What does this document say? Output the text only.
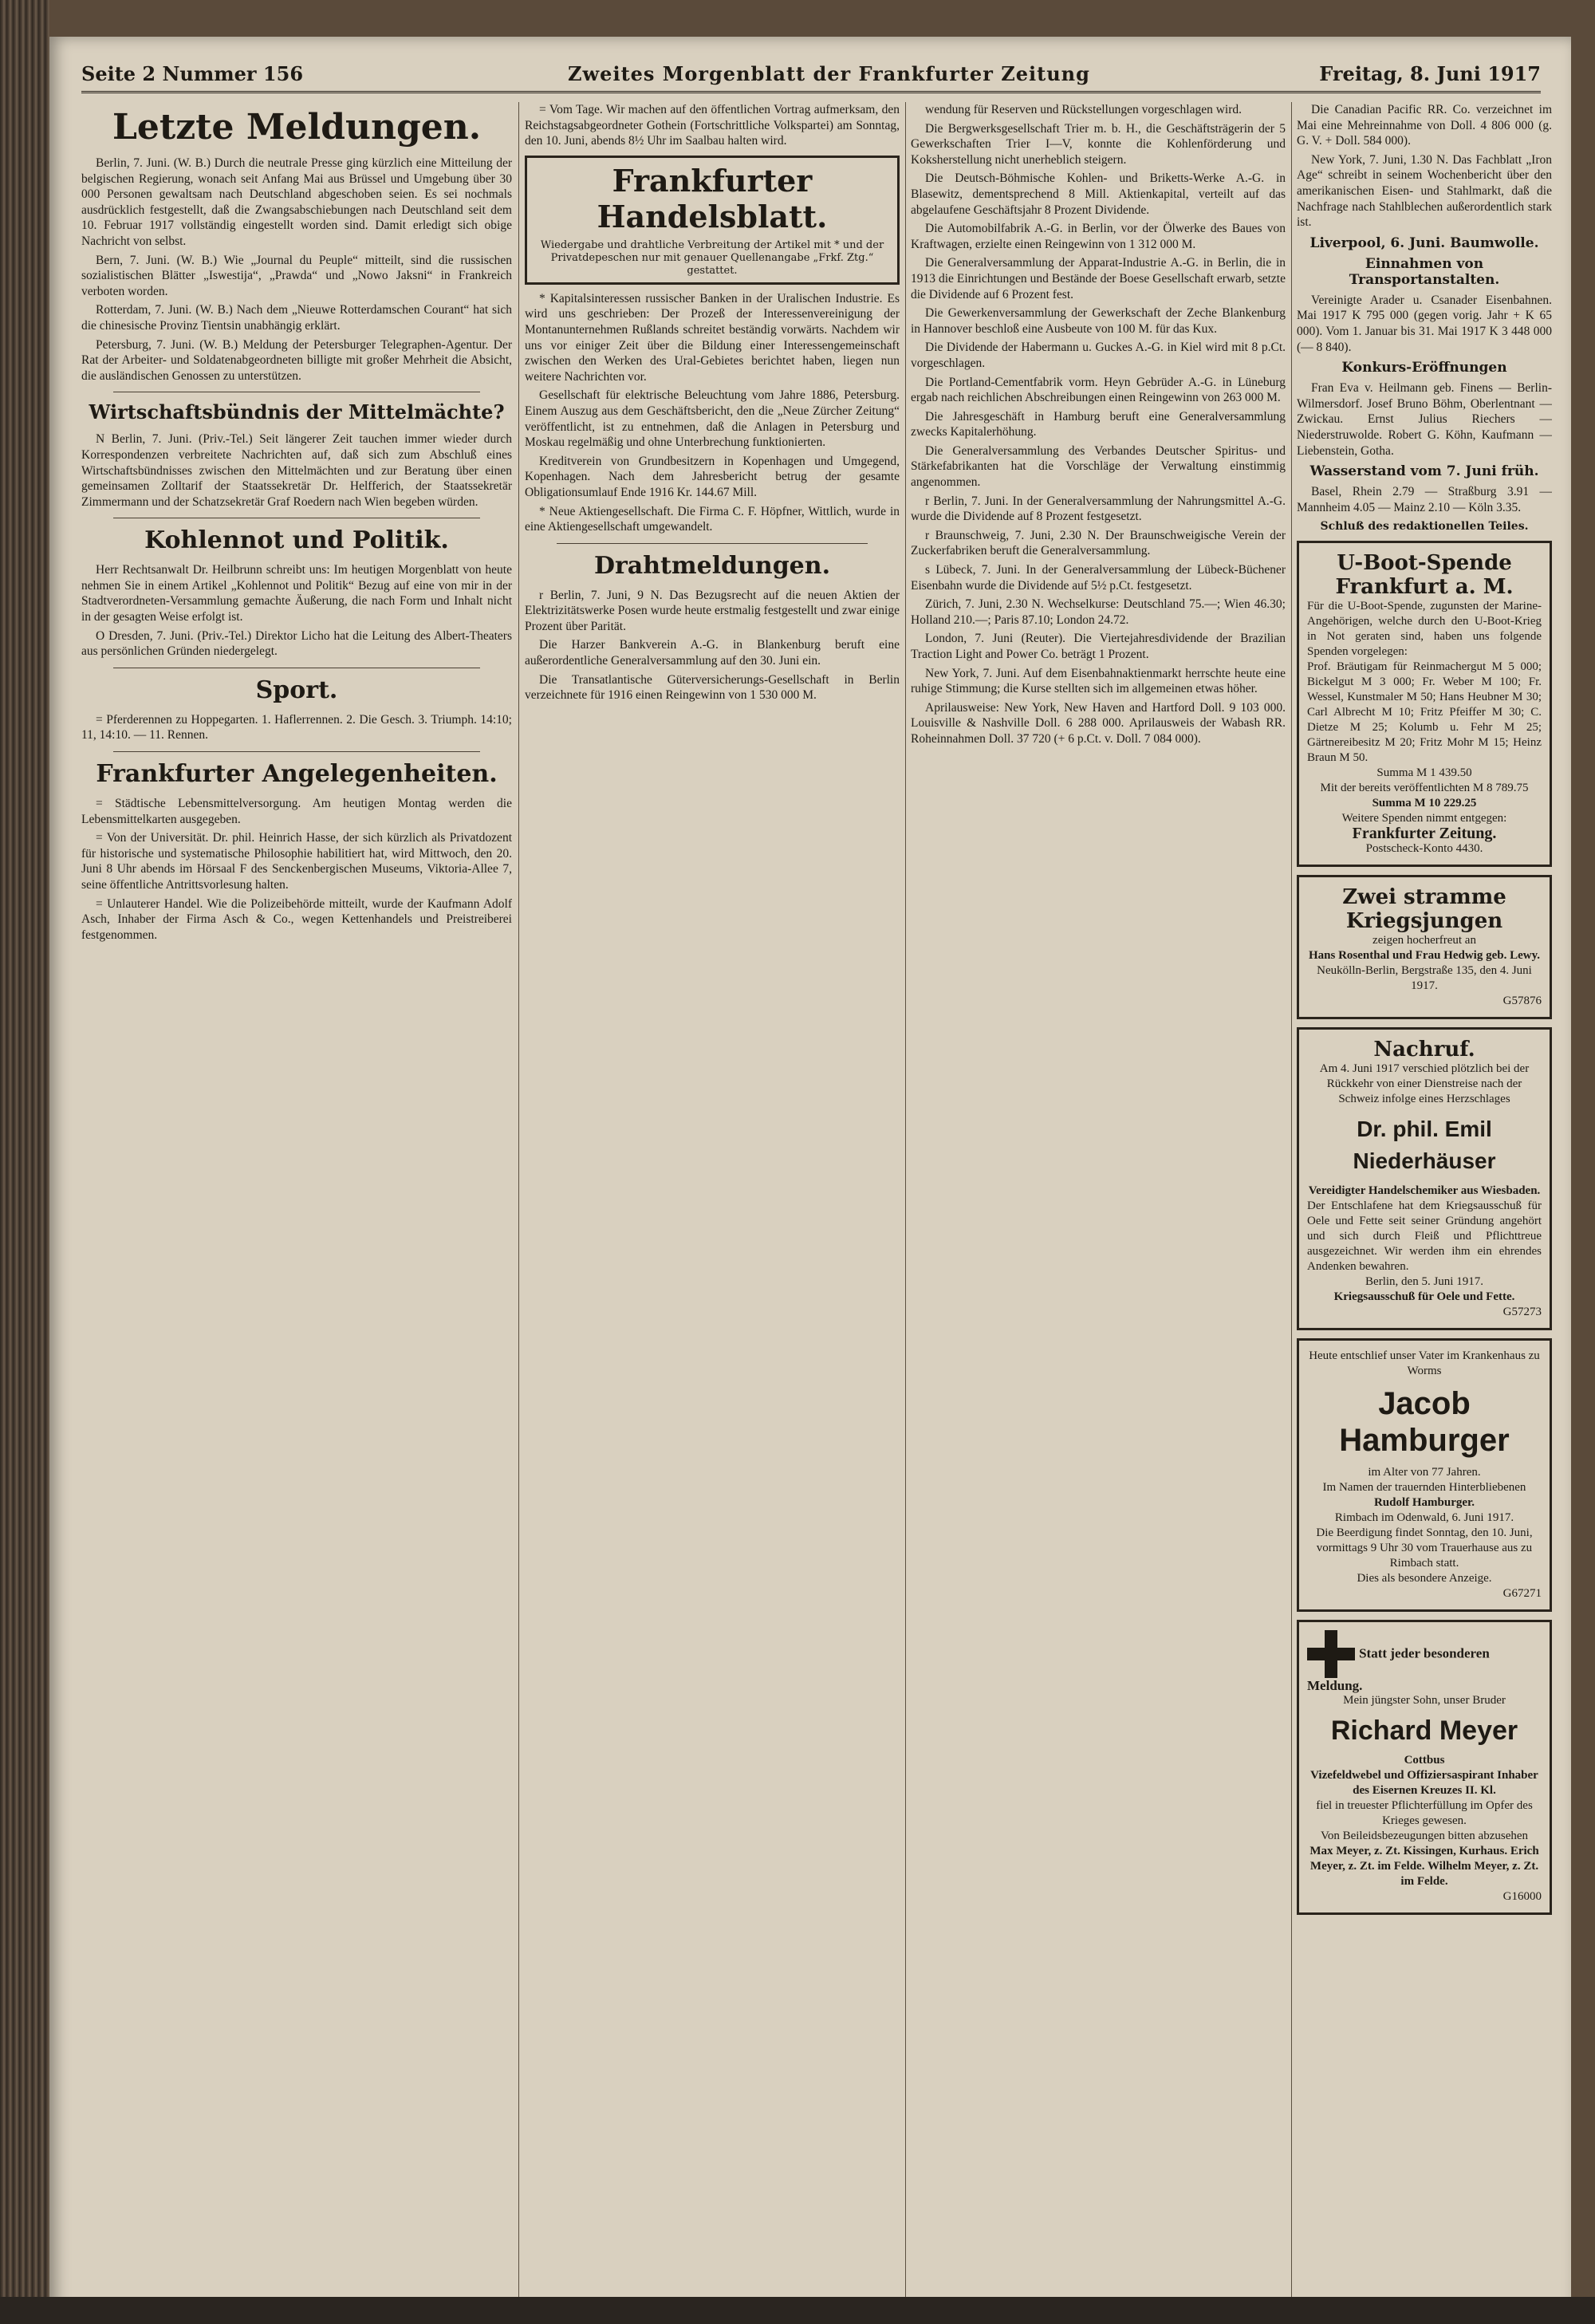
Seite 2 Nummer 156	Zweites Morgenblatt der Frankfurter Zeitung	Freitag, 8. Juni 1917
Letzte Meldungen.

Berlin, 7. Juni. (W. B.) Durch die neutrale Presse ging kürzlich eine Mitteilung der belgischen Regierung, wonach seit Anfang Mai aus Brüssel und Umgebung über 30 000 Personen gewaltsam nach Deutschland abgeschoben seien. Es sei nochmals ausdrücklich festgestellt, daß die Zwangsabschiebungen nach Deutschland seit dem 10. Februar 1917 vollständig eingestellt worden sind. Damit erledigt sich obige Nachricht von selbst.

Bern, 7. Juni. (W. B.) Wie „Journal du Peuple“ mitteilt, sind die russischen sozialistischen Blätter „Iswestija“, „Prawda“ und „Nowo Jaksni“ in Frankreich verboten worden.

Rotterdam, 7. Juni. (W. B.) Nach dem „Nieuwe Rotterdamschen Courant“ hat sich die chinesische Provinz Tientsin unabhängig erklärt.

Petersburg, 7. Juni. (W. B.) Meldung der Petersburger Telegraphen-Agentur. Der Rat der Arbeiter- und Soldatenabgeordneten billigte mit großer Mehrheit die Absicht, die ausländischen Genossen zu unterstützen.

Wirtschaftsbündnis der Mittelmächte?

N Berlin, 7. Juni. (Priv.-Tel.) Seit längerer Zeit tauchen immer wieder durch Korrespondenzen verbreitete Nachrichten auf, daß sich zum Abschluß eines Wirtschaftsbündnisses zwischen den Mittelmächten und zur Beratung über einen gemeinsamen Zolltarif der Staatssekretär Dr. Helfferich, der Staatssekretär Zimmermann und der Schatzsekretär Graf Roedern nach Wien begeben würden.

Kohlennot und Politik.

Herr Rechtsanwalt Dr. Heilbrunn schreibt uns: Im heutigen Morgenblatt von heute nehmen Sie in einem Artikel „Kohlennot und Politik“ Bezug auf eine von mir in der Stadtverordneten-Versammlung gemachte Äußerung, die nach Form und Inhalt nicht in der gesagten Weise erfolgt ist.

O Dresden, 7. Juni. (Priv.-Tel.) Direktor Licho hat die Leitung des Albert-Theaters aus persönlichen Gründen niedergelegt.

Sport.

= Pferderennen zu Hoppegarten. 1. Haflerrennen. 2. Die Gesch. 3. Triumph. 14:10; 11, 14:10. — 11. Rennen.

Frankfurter Angelegenheiten.

= Städtische Lebensmittelversorgung. Am heutigen Montag werden die Lebensmittelkarten ausgegeben.

= Von der Universität. Dr. phil. Heinrich Hasse, der sich kürzlich als Privatdozent für historische und systematische Philosophie habilitiert hat, wird Mittwoch, den 20. Juni 8 Uhr abends im Hörsaal F des Senckenbergischen Museums, Viktoria-Allee 7, seine öffentliche Antrittsvorlesung halten.

= Unlauterer Handel. Wie die Polizeibehörde mitteilt, wurde der Kaufmann Adolf Asch, Inhaber der Firma Asch & Co., wegen Kettenhandels und Preistreiberei festgenommen.

= Vom Tage. Wir machen auf den öffentlichen Vortrag aufmerksam, den Reichstagsabgeordneter Gothein (Fortschrittliche Volkspartei) am Sonntag, den 10. Juni, abends 8½ Uhr im Saalbau halten wird.

Frankfurter Handelsblatt.
Wiedergabe und drahtliche Verbreitung der Artikel mit * und der Privatdepeschen nur mit genauer Quellenangabe „Frkf. Ztg.“ gestattet.

* Kapitalsinteressen russischer Banken in der Uralischen Industrie. Es wird uns geschrieben: Der Prozeß der Interessenvereinigung der Montanunternehmen Rußlands schreitet beständig vorwärts. Nachdem wir uns vor einiger Zeit über die Bildung einer Interessengemeinschaft zwischen den Werken des Ural-Gebietes berichtet haben, liegen nun weitere Nachrichten vor.

Gesellschaft für elektrische Beleuchtung vom Jahre 1886, Petersburg. Einem Auszug aus dem Geschäftsbericht, den die „Neue Zürcher Zeitung“ veröffentlicht, ist zu entnehmen, daß die Anlagen in Petersburg und Moskau regelmäßig und ohne Unterbrechung funktionierten.

Kreditverein von Grundbesitzern in Kopenhagen und Umgegend, Kopenhagen. Nach dem Jahresbericht betrug der gesamte Obligationsumlauf Ende 1916 Kr. 144.67 Mill.

* Neue Aktiengesellschaft. Die Firma C. F. Höpfner, Wittlich, wurde in eine Aktiengesellschaft umgewandelt.

Drahtmeldungen.

r Berlin, 7. Juni, 9 N. Das Bezugsrecht auf die neuen Aktien der Elektrizitätswerke Posen wurde heute erstmalig festgestellt und zwar einige Prozent über Parität.

Die Harzer Bankverein A.-G. in Blankenburg beruft eine außerordentliche Generalversammlung auf den 30. Juni ein.

Die Transatlantische Güterversicherungs-Gesellschaft in Berlin verzeichnete für 1916 einen Reingewinn von 1 530 000 M.

wendung für Reserven und Rückstellungen vorgeschlagen wird.

Die Bergwerksgesellschaft Trier m. b. H., die Geschäftsträgerin der 5 Gewerkschaften Trier I—V, konnte die Kohlenförderung und Koksherstellung nicht unerheblich steigern.

Die Deutsch-Böhmische Kohlen- und Briketts-Werke A.-G. in Blasewitz, dementsprechend 8 Mill. Aktienkapital, verteilt auf das abgelaufene Geschäftsjahr 8 Prozent Dividende.

Die Automobilfabrik A.-G. in Berlin, vor der Ölwerke des Baues von Kraftwagen, erzielte einen Reingewinn von 1 312 000 M.

Die Generalversammlung der Apparat-Industrie A.-G. in Berlin, die in 1913 die Einrichtungen und Bestände der Boese Gesellschaft erwarb, setzte die Dividende auf 6 Prozent fest.

Die Gewerkenversammlung der Gewerkschaft der Zeche Blankenburg in Hannover beschloß eine Ausbeute von 100 M. für das Kux.

Die Dividende der Habermann u. Guckes A.-G. in Kiel wird mit 8 p.Ct. vorgeschlagen.

Die Portland-Cementfabrik vorm. Heyn Gebrüder A.-G. in Lüneburg ergab nach reichlichen Abschreibungen einen Reingewinn von 263 000 M.

Die Jahresgeschäft in Hamburg beruft eine Generalversammlung zwecks Kapitalerhöhung.

Die Generalversammlung des Verbandes Deutscher Spiritus- und Stärkefabrikanten hat die Vorschläge der Verwaltung einstimmig angenommen.

r Berlin, 7. Juni. In der Generalversammlung der Nahrungsmittel A.-G. wurde die Dividende auf 8 Prozent festgesetzt.

r Braunschweig, 7. Juni, 2.30 N. Der Braunschweigische Verein der Zuckerfabriken beruft die Generalversammlung.

s Lübeck, 7. Juni. In der Generalversammlung der Lübeck-Büchener Eisenbahn wurde die Dividende auf 5½ p.Ct. festgesetzt.

Zürich, 7. Juni, 2.30 N. Wechselkurse: Deutschland 75.—; Wien 46.30; Holland 210.—; Paris 87.10; London 24.72.

London, 7. Juni (Reuter). Die Viertejahresdividende der Brazilian Traction Light and Power Co. beträgt 1 Prozent.

New York, 7. Juni. Auf dem Eisenbahnaktienmarkt herrschte heute eine ruhige Stimmung; die Kurse stellten sich im allgemeinen etwas höher.

Aprilausweise: New York, New Haven and Hartford Doll. 9 103 000. Louisville & Nashville Doll. 6 288 000. Aprilausweis der Wabash RR. Roheinnahmen Doll. 37 720 (+ 6 p.Ct. v. Doll. 7 084 000).

Die Canadian Pacific RR. Co. verzeichnet im Mai eine Mehreinnahme von Doll. 4 806 000 (g. G. V. + Doll. 584 000).

New York, 7. Juni, 1.30 N. Das Fachblatt „Iron Age“ schreibt in seinem Wochenbericht über den amerikanischen Eisen- und Stahlmarkt, daß die Nachfrage nach Stahlblechen außerordentlich stark ist.

Liverpool, 6. Juni. Baumwolle.
Einnahmen von Transportanstalten.

Vereinigte Arader u. Csanader Eisenbahnen. Mai 1917 K 795 000 (gegen vorig. Jahr + K 65 000). Vom 1. Januar bis 31. Mai 1917 K 3 448 000 (— 8 840).

Konkurs-Eröffnungen

Fran Eva v. Heilmann geb. Finens — Berlin-Wilmersdorf. Josef Bruno Böhm, Oberlentnant — Zwickau. Ernst Julius Riechers — Niederstruwolde. Robert G. Köhn, Kaufmann — Liebenstein, Gotha.

Wasserstand vom 7. Juni früh.

Basel, Rhein 2.79 — Straßburg 3.91 — Mannheim 4.05 — Mainz 2.10 — Köln 3.35.

Schluß des redaktionellen Teiles.
U-Boot-Spende Frankfurt a. M.
Für die U-Boot-Spende, zugunsten der Marine-Angehörigen, welche durch den U-Boot-Krieg in Not geraten sind, haben uns folgende Spenden vorgelegen:
Prof. Bräutigam für Reinmachergut M 5 000; Bickelgut M 3 000; Fr. Weber M 100; Fr. Wessel, Kunstmaler M 50; Hans Heubner M 30; Carl Albrecht M 10; Fritz Pfeiffer M 30; C. Dietze M 25; Kolumb u. Fehr M 25; Gärtnereibesitz M 20; Fritz Mohr M 15; Heinz Braun M 50.
Summa M 1 439.50
Mit der bereits veröffentlichten M 8 789.75
Summa M 10 229.25
Weitere Spenden nimmt entgegen:
Frankfurter Zeitung.
Postscheck-Konto 4430.
Zwei stramme Kriegsjungen
zeigen hocherfreut an
Hans Rosenthal und Frau Hedwig geb. Lewy.
Neukölln-Berlin, Bergstraße 135, den 4. Juni 1917.
G57876
Nachruf.
Am 4. Juni 1917 verschied plötzlich bei der Rückkehr von einer Dienstreise nach der Schweiz infolge eines Herzschlages
Dr. phil. Emil Niederhäuser
Vereidigter Handelschemiker aus Wiesbaden.
Der Entschlafene hat dem Kriegsausschuß für Oele und Fette seit seiner Gründung angehört und sich durch Fleiß und Pflichttreue ausgezeichnet. Wir werden ihm ein ehrendes Andenken bewahren.
Berlin, den 5. Juni 1917.
Kriegsausschuß für Oele und Fette.
G57273
Heute entschlief unser Vater im Krankenhaus zu Worms
Jacob Hamburger
im Alter von 77 Jahren.
Im Namen der trauernden Hinterbliebenen
Rudolf Hamburger.
Rimbach im Odenwald, 6. Juni 1917.
Die Beerdigung findet Sonntag, den 10. Juni, vormittags 9 Uhr 30 vom Trauerhause aus zu Rimbach statt.
Dies als besondere Anzeige.
G67271
Statt jeder besonderen Meldung.
Mein jüngster Sohn, unser Bruder
Richard Meyer
Cottbus
Vizefeldwebel und Offiziersaspirant Inhaber des Eisernen Kreuzes II. Kl.
fiel in treuester Pflichterfüllung im Opfer des Krieges gewesen.
Von Beileidsbezeugungen bitten abzusehen
Max Meyer, z. Zt. Kissingen, Kurhaus. Erich Meyer, z. Zt. im Felde. Wilhelm Meyer, z. Zt. im Felde.
G16000
